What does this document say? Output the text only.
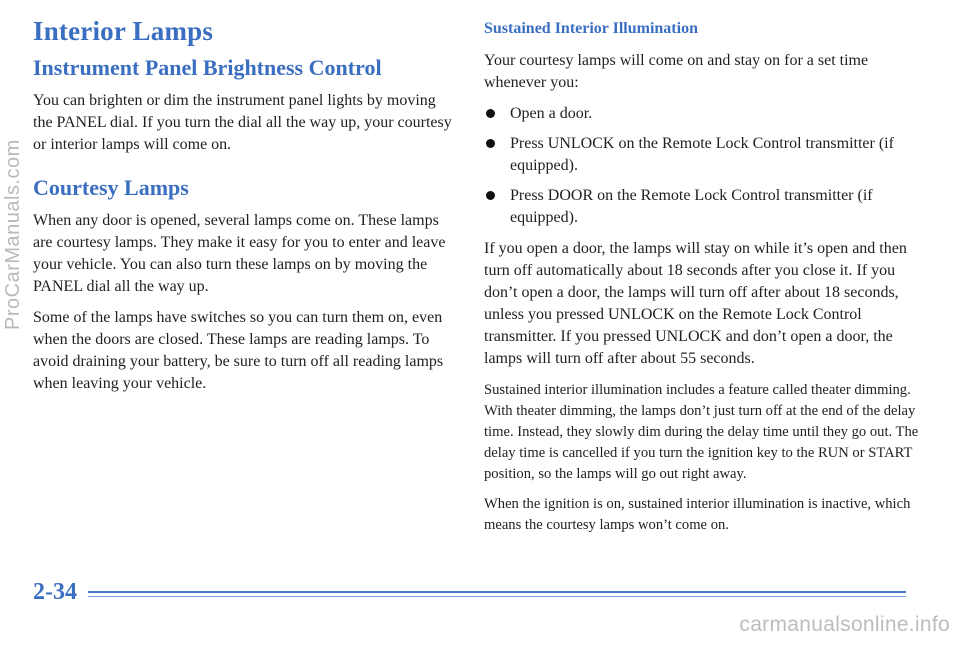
Interior Lamps
Instrument Panel Brightness Control

You can brighten or dim the instrument panel lights by moving the PANEL dial. If you turn the dial all the way up, your courtesy or interior lamps will come on.

Courtesy Lamps

When any door is opened, several lamps come on. These lamps are courtesy lamps. They make it easy for you to enter and leave your vehicle. You can also turn these lamps on by moving the PANEL dial all the way up.

Some of the lamps have switches so you can turn them on, even when the doors are closed. These lamps are reading lamps. To avoid draining your battery, be sure to turn off all reading lamps when leaving your vehicle.

Sustained Interior Illumination

Your courtesy lamps will come on and stay on for a set time whenever you:

Open a door.
Press UNLOCK on the Remote Lock Control transmitter (if equipped).
Press DOOR on the Remote Lock Control transmitter (if equipped).

If you open a door, the lamps will stay on while it’s open and then turn off automatically about 18 seconds after you close it. If you don’t open a door, the lamps will turn off after about 18 seconds, unless you pressed UNLOCK on the Remote Lock Control transmitter. If you pressed UNLOCK and don’t open a door, the lamps will turn off after about 55 seconds.

Sustained interior illumination includes a feature called theater dimming. With theater dimming, the lamps don’t just turn off at the end of the delay time. Instead, they slowly dim during the delay time until they go out. The delay time is cancelled if you turn the ignition key to the RUN or START position, so the lamps will go out right away.

When the ignition is on, sustained interior illumination is inactive, which means the courtesy lamps won’t come on.

2-34
ProCarManuals.com
carmanualsonline.info
